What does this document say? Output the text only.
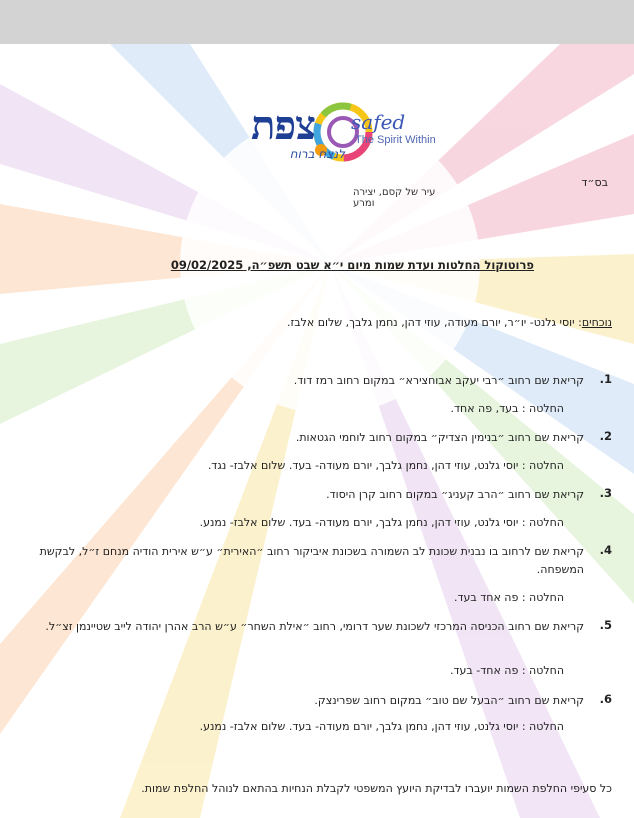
צפת	safed
The Spirit Within
לנצח ברוח
עיר של קסם, יצירה ומרע
בס״ד
פרוטוקול החלטות ועדת שמות מיום י״א שבט תשפ״ה, 09/02/2025
נוכחים: יוסי גלנט- יו״ר, יורם מעודה, עוזי דהן, נחמן גלבך, שלום אלבז.
1.
קריאת שם רחוב ״רבי יעקב אבוחצירא״ במקום רחוב רמז דוד.
החלטה : בעד, פה אחד.
2.
קריאת שם רחוב ״בנימין הצדיק״ במקום רחוב לוחמי הגטאות.
החלטה : יוסי גלנט, עוזי דהן, נחמן גלבך, יורם מעודה- בעד. שלום אלבז- נגד.
3.
קריאת שם רחוב ״הרב קעניג״ במקום רחוב קרן היסוד.
החלטה : יוסי גלנט, עוזי דהן, נחמן גלבך, יורם מעודה- בעד. שלום אלבז- נמנע.
4.
קריאת שם לרחוב בו נבנית שכונת לב השמורה בשכונת איביקור רחוב ״האירית״ ע״ש אירית הודיה מנחם ז״ל, לבקשת המשפחה.
החלטה : פה אחד בעד.
5.
קריאת שם רחוב הכניסה המרכזי לשכונת שער דרומי, רחוב ״אילת השחר״ ע״ש הרב אהרן יהודה לייב שטיינמן זצ״ל.
החלטה : פה אחד- בעד.
6.
קריאת שם רחוב ״הבעל שם טוב״ במקום רחוב שפרינצק.
החלטה : יוסי גלנט, עוזי דהן, נחמן גלבך, יורם מעודה- בעד. שלום אלבז- נמנע.
כל סעיפי החלפת השמות יועברו לבדיקת היועץ המשפטי לקבלת הנחיות בהתאם לנוהל החלפת שמות.
